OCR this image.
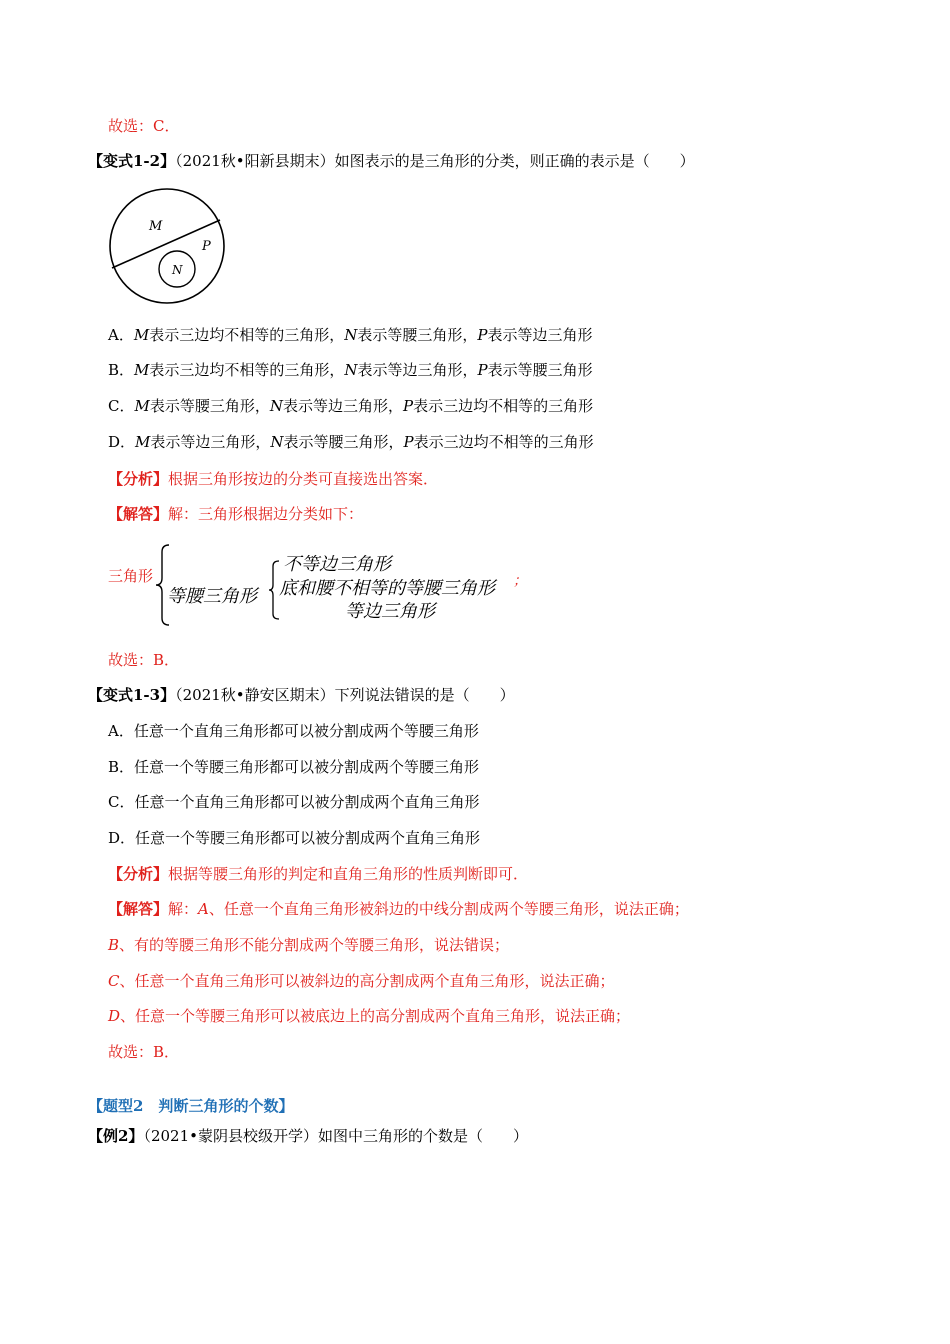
故选：C．
【变式1-2】（2021秋•阳新县期末）如图表示的是三角形的分类，则正确的表示是（　　）
M
P
N
A．M表示三边均不相等的三角形，N表示等腰三角形，P表示等边三角形
B．M表示三边均不相等的三角形，N表示等边三角形，P表示等腰三角形
C．M表示等腰三角形，N表示等边三角形，P表示三边均不相等的三角形
D．M表示等边三角形，N表示等腰三角形，P表示三边均不相等的三角形
【分析】根据三角形按边的分类可直接选出答案．
【解答】解：三角形根据边分类如下：
三角形
等腰三角形
不等边三角形
底和腰不相等的等腰三角形
等边三角形
；
故选：B．
【变式1-3】（2021秋•静安区期末）下列说法错误的是（　　）
A．任意一个直角三角形都可以被分割成两个等腰三角形
B．任意一个等腰三角形都可以被分割成两个等腰三角形
C．任意一个直角三角形都可以被分割成两个直角三角形
D．任意一个等腰三角形都可以被分割成两个直角三角形
【分析】根据等腰三角形的判定和直角三角形的性质判断即可．
【解答】解：A、任意一个直角三角形被斜边的中线分割成两个等腰三角形，说法正确；
B、有的等腰三角形不能分割成两个等腰三角形，说法错误；
C、任意一个直角三角形可以被斜边的高分割成两个直角三角形，说法正确；
D、任意一个等腰三角形可以被底边上的高分割成两个直角三角形，说法正确；
故选：B．
【题型2　判断三角形的个数】
【例2】（2021•蒙阴县校级开学）如图中三角形的个数是（　　）
